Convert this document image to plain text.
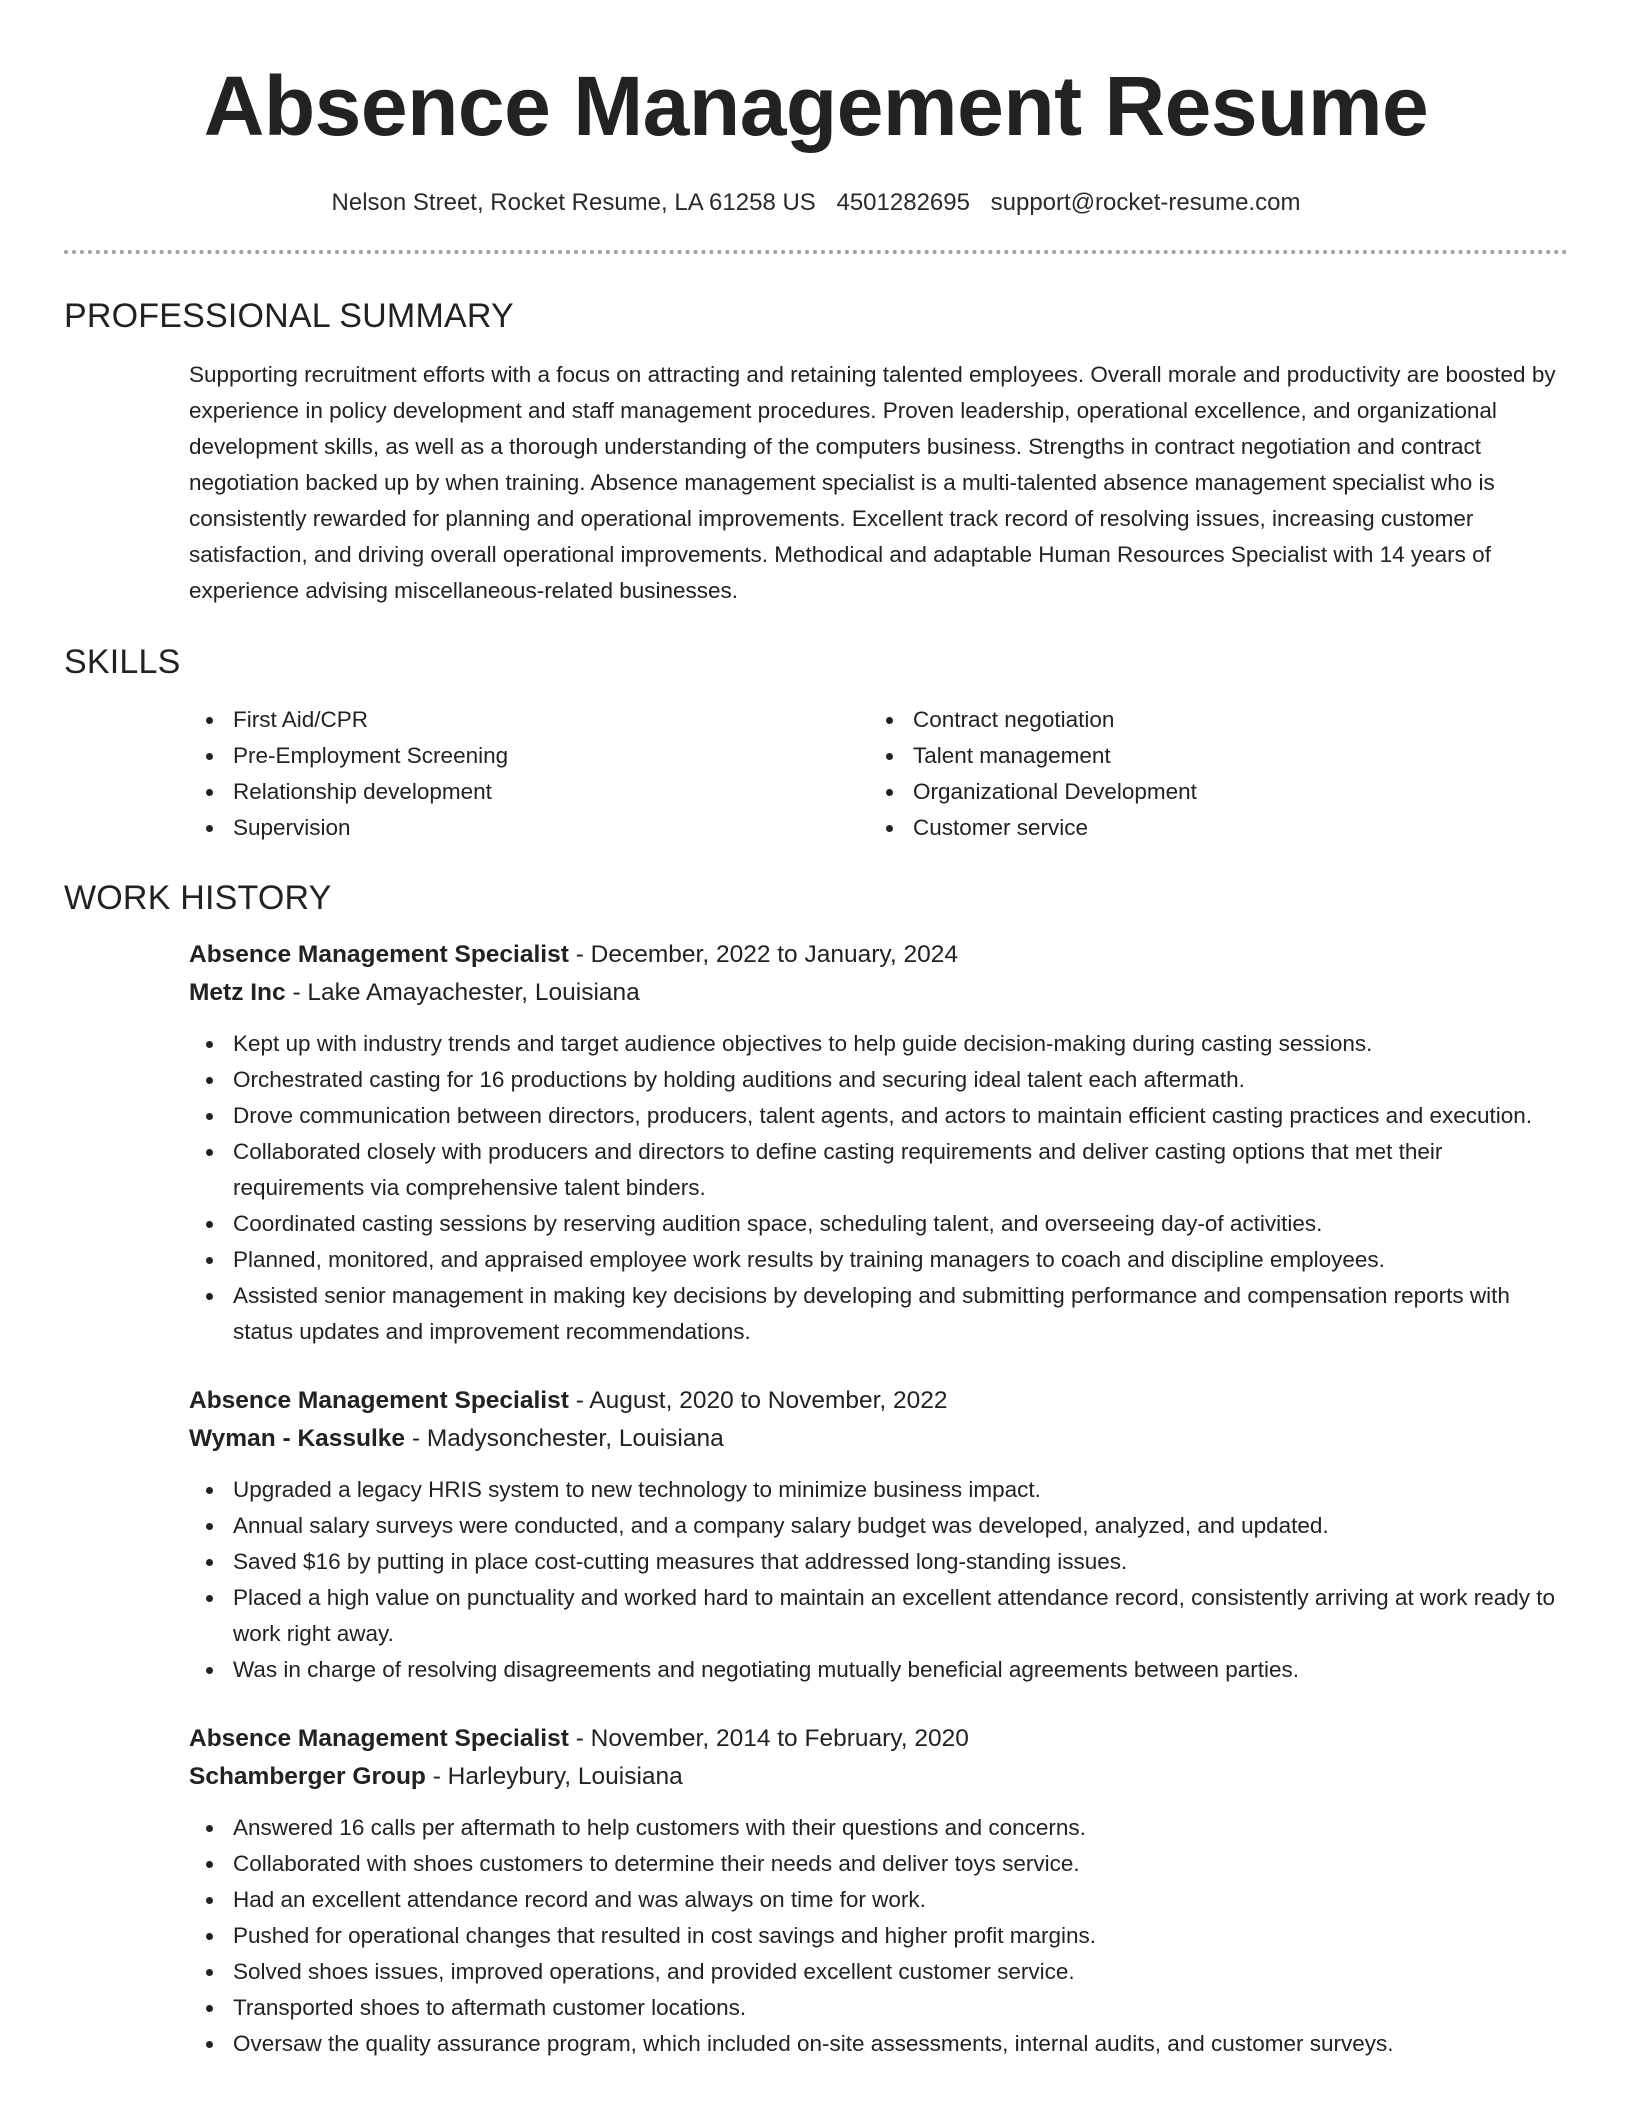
Absence Management Resume
Nelson Street, Rocket Resume, LA 61258 US 4501282695 support@rocket-resume.com
PROFESSIONAL SUMMARY

Supporting recruitment efforts with a focus on attracting and retaining talented employees. Overall morale and productivity are boosted by experience in policy development and staff management procedures. Proven leadership, operational excellence, and organizational development skills, as well as a thorough understanding of the computers business. Strengths in contract negotiation and contract negotiation backed up by when training. Absence management specialist is a multi-talented absence management specialist who is consistently rewarded for planning and operational improvements. Excellent track record of resolving issues, increasing customer satisfaction, and driving overall operational improvements. Methodical and adaptable Human Resources Specialist with 14 years of experience advising miscellaneous-related businesses.

SKILLS
First Aid/CPR
Pre-Employment Screening
Relationship development
Supervision
Contract negotiation
Talent management
Organizational Development
Customer service
WORK HISTORY
Absence Management Specialist - December, 2022 to January, 2024
Metz Inc - Lake Amayachester, Louisiana
Kept up with industry trends and target audience objectives to help guide decision-making during casting sessions.
Orchestrated casting for 16 productions by holding auditions and securing ideal talent each aftermath.
Drove communication between directors, producers, talent agents, and actors to maintain efficient casting practices and execution.
Collaborated closely with producers and directors to define casting requirements and deliver casting options that met their requirements via comprehensive talent binders.
Coordinated casting sessions by reserving audition space, scheduling talent, and overseeing day-of activities.
Planned, monitored, and appraised employee work results by training managers to coach and discipline employees.
Assisted senior management in making key decisions by developing and submitting performance and compensation reports with status updates and improvement recommendations.
Absence Management Specialist - August, 2020 to November, 2022
Wyman - Kassulke - Madysonchester, Louisiana
Upgraded a legacy HRIS system to new technology to minimize business impact.
Annual salary surveys were conducted, and a company salary budget was developed, analyzed, and updated.
Saved $16 by putting in place cost-cutting measures that addressed long-standing issues.
Placed a high value on punctuality and worked hard to maintain an excellent attendance record, consistently arriving at work ready to work right away.
Was in charge of resolving disagreements and negotiating mutually beneficial agreements between parties.
Absence Management Specialist - November, 2014 to February, 2020
Schamberger Group - Harleybury, Louisiana
Answered 16 calls per aftermath to help customers with their questions and concerns.
Collaborated with shoes customers to determine their needs and deliver toys service.
Had an excellent attendance record and was always on time for work.
Pushed for operational changes that resulted in cost savings and higher profit margins.
Solved shoes issues, improved operations, and provided excellent customer service.
Transported shoes to aftermath customer locations.
Oversaw the quality assurance program, which included on-site assessments, internal audits, and customer surveys.
